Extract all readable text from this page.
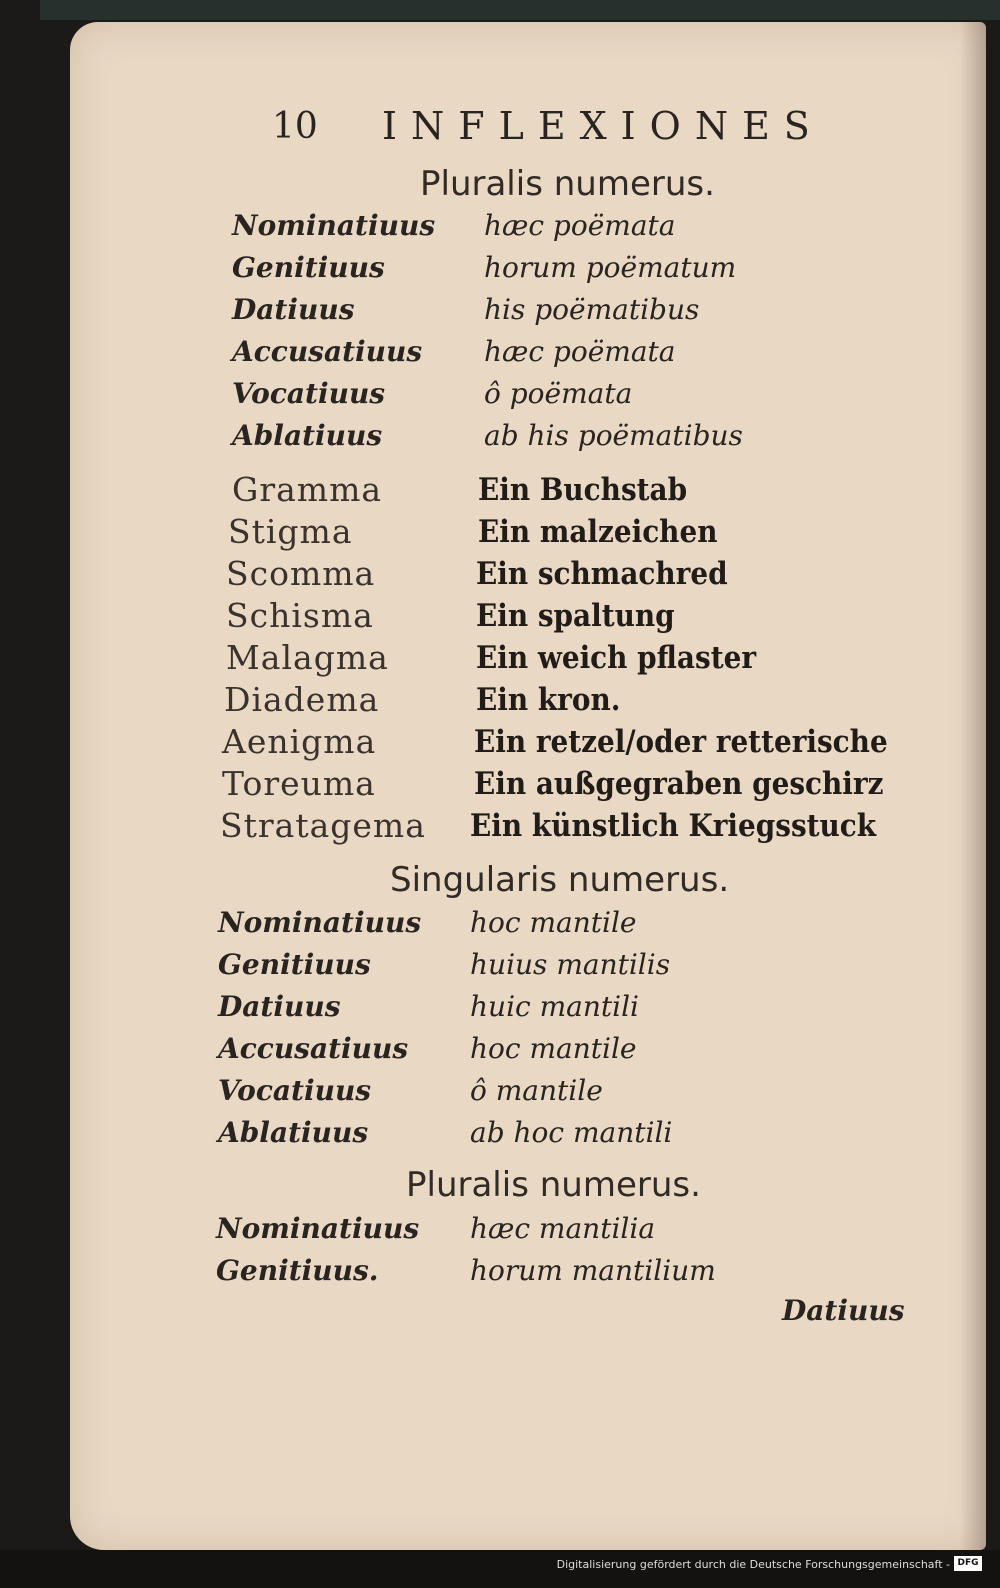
10 INFLEXIONES
Pluralis numerus.
Nominatiuus hæc poëmata
Genitiuus	horum poëmatum
Datiuus	his poëmatibus
Accusatiuus hæc poëmata
Vocatiuus	ô poëmata
Ablatiuus	ab his poëmatibus
Gramma	Ein Buchstab
Stigma	Ein malzeichen
Scomma	Ein schmachred
Schisma	Ein spaltung
Malagma	Ein weich pflaster
Diadema	Ein kron.
Aenigma	Ein retzel/oder retterische
Toreuma	Ein außgegraben geschirz
Stratagema Ein künstlich Kriegsstuck
Singularis numerus.
Nominatiuus hoc mantile
Genitiuus	huius mantilis
Datiuus	huic mantili
Accusatiuus hoc mantile
Vocatiuus	ô mantile
Ablatiuus	ab hoc mantili
Pluralis numerus.
Nominatiuus hæc mantilia
Genitiuus.	horum mantilium
Datiuus
Digitalisierung gefördert durch die Deutsche Forschungsgemeinschaft - DFG
